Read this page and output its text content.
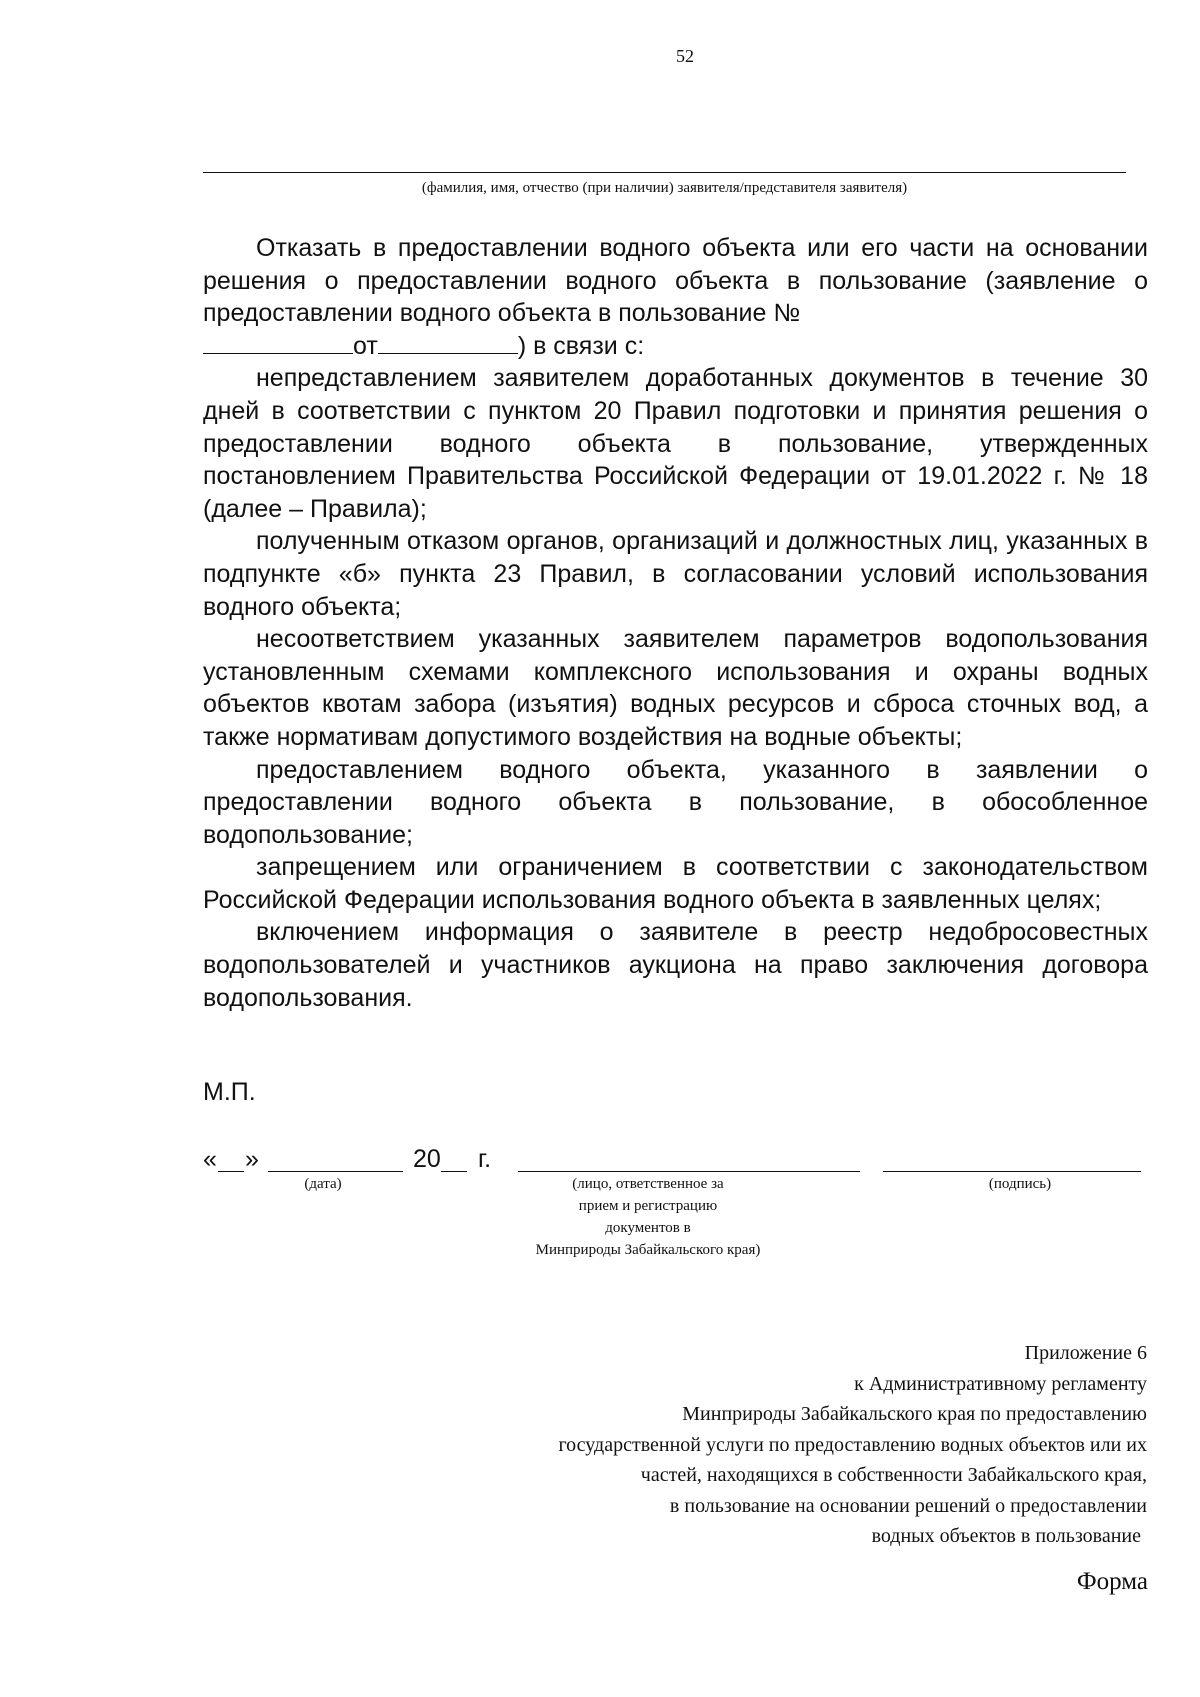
52
(фамилия, имя, отчество (при наличии) заявителя/представителя заявителя)

Отказать в предоставлении водного объекта или его части на основании решения о предоставлении водного объекта в пользование (заявление о предоставлении водного объекта в пользование №

от	) в связи с:

непредставлением заявителем доработанных документов в течение 30 дней в соответствии с пунктом 20 Правил подготовки и принятия решения о предоставлении водного объекта в пользование, утвержденных постановлением Правительства Российской Федерации от 19.01.2022 г. № 18 (далее – Правила);

полученным отказом органов, организаций и должностных лиц, указанных в подпункте «б» пункта 23 Правил, в согласовании условий использования водного объекта;

несоответствием указанных заявителем параметров водопользования установленным схемами комплексного использования и охраны водных объектов квотам забора (изъятия) водных ресурсов и сброса сточных вод, а также нормативам допустимого воздействия на водные объекты;

предоставлением водного объекта, указанного в заявлении о предоставлении водного объекта в пользование, в обособленное водопользование;

запрещением или ограничением в соответствии с законодательством Российской Федерации использования водного объекта в заявленных целях;

включением информация о заявителе в реестр недобросовестных водопользователей и участников аукциона на право заключения договора водопользования.

М.П.
« »	20 г.
(дата)	(лицо, ответственное за
прием и регистрацию
документов в
Минприроды Забайкальского края)
(подпись)
Приложение 6
к Административному регламенту
Минприроды Забайкальского края по предоставлению
государственной услуги по предоставлению водных объектов или их
частей, находящихся в собственности Забайкальского края,
в пользование на основании решений о предоставлении
водных объектов в пользование
Форма
